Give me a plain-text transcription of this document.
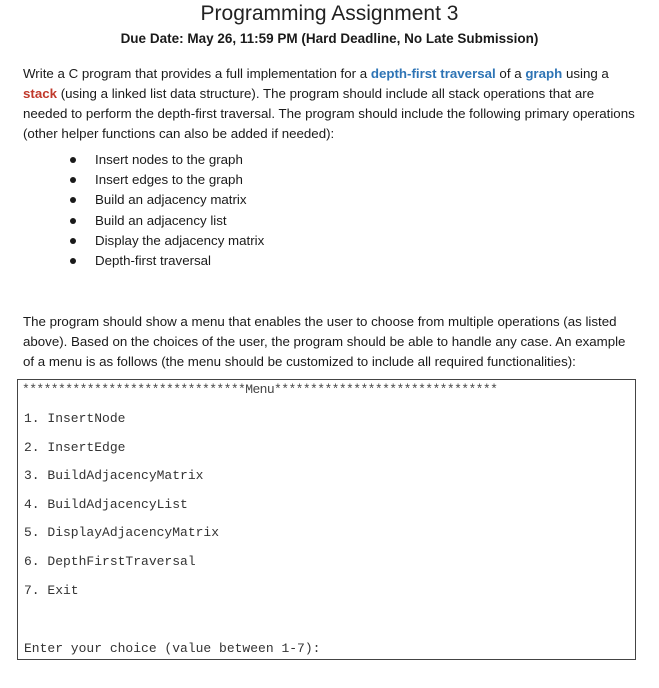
Programming Assignment 3

Due Date: May 26, 11:59 PM (Hard Deadline, No Late Submission)

Write a C program that provides a full implementation for a depth-first traversal of a graph using a stack (using a linked list data structure). The program should include all stack operations that are needed to perform the depth-first traversal. The program should include the following primary operations (other helper functions can also be added if needed):

Insert nodes to the graph
Insert edges to the graph
Build an adjacency matrix
Build an adjacency list
Display the adjacency matrix
Depth-first traversal

The program should show a menu that enables the user to choose from multiple operations (as listed above). Based on the choices of the user, the program should be able to handle any case. An example of a menu is as follows (the menu should be customized to include all required functionalities):

*******************************Menu*******************************
1. InsertNode
2. InsertEdge
3. BuildAdjacencyMatrix
4. BuildAdjacencyList
5. DisplayAdjacencyMatrix
6. DepthFirstTraversal
7. Exit
Enter your choice (value between 1-7):
